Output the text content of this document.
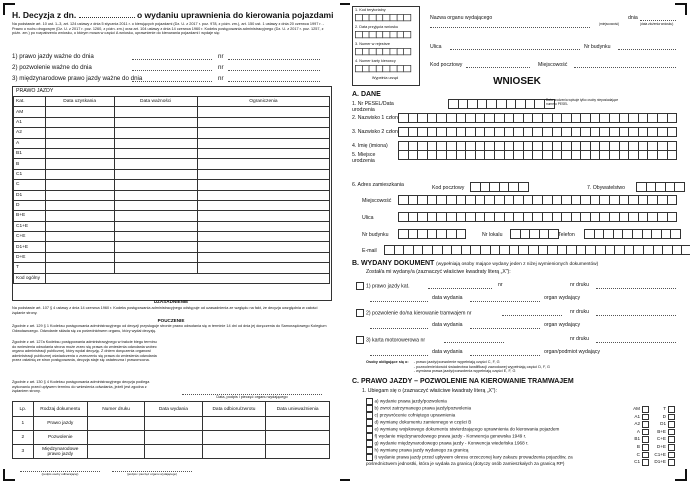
H. Decyzja z dn.	o wydaniu uprawnienia do kierowania pojazdami
Na podstawie art. 10 ust. 1–3, art. 124 ustawy z dnia 5 stycznia 2011 r. o kierujących pojazdami (Dz. U. z 2017 r. poz. 978, z późn. zm.), art. 150 ust. 1 ustawy z dnia 20 czerwca 1997 r. - Prawo o ruchu drogowym (Dz. U. z 2017 r. poz. 1260, z późn. zm.) oraz art. 104 ustawy z dnia 14 czerwca 1960 r. Kodeks postępowania administracyjnego (Dz. U. z 2017 r. poz. 1257, z późn. zm.) po rozpatrzeniu wniosku, o którym mowa w części A wniosku, uprawnienie do kierowania pojazdami i wydaje się:
1) prawo jazdy ważne do dnia	nr
2) pozwolenie ważne do dnia	nr
3) międzynarodowe prawo jazdy ważne do dnia	nr
PRAWO JAZDY
Kat.	Data uzyskania	Data ważności	Ograniczenia
AM			
A1			
A2			
A			
B1			
B			
C1			
C			
D1			
D			
B+E			
C1+E			
C+E			
D1+E			
D+E			
T			
Kod ogólny			
UZASADNIENIE
Na podstawie art. 107 § 4 ustawy z dnia 14 czerwca 1960 r. Kodeks postępowania administracyjnego odstępuje od uzasadnienia ze względu na fakt, że decyzja uwzględnia w całości żądanie strony.
POUCZENIE
Zgodnie z art. 129 § 1 Kodeksu postępowania administracyjnego od decyzji przysługuje stronie prawo odwołania się w terminie 14 dni od dnia jej doręczenia do Samorządowego Kolegium Odwoławczego. Odwołanie składa się za pośrednictwem organu, który wydał decyzję.
Zgodnie z art. 127a Kodeksu postępowania administracyjnego w trakcie biegu terminu do wniesienia odwołania strona może zrzec się prawa do wniesienia odwołania wobec organu administracji publicznej, który wydał decyzję. Z dniem doręczenia organowi administracji publicznej oświadczenia o zrzeczeniu się prawa do wniesienia odwołania przez ostatnią ze stron postępowania, decyzja staje się ostateczna i prawomocna.
Zgodnie z art. 130 § 4 Kodeksu postępowania administracyjnego decyzja podlega wykonaniu przed upływem terminu do wniesienia odwołania, jeżeli jest zgodna z żądaniem strony.
Data, podpis i pieczęć organu wydającego
Lp.	Rodzaj dokumentu	Numer druku	Data wydania	Data odbioru/zwrotu	Data unieważnienia
1	Prawo jazdy				
2	Pozwolenie				
3	Międzynarodowe prawo jazdy				
(podpis osoby odbierającej)	(podpis i pieczęć organu wydającego)
1. Kod terytorialny
2. Data przyjęcia wniosku
3. Numer w rejestrze
4. Numer karty kierowcy
Wypełnia urząd
Nazwa organu wydającego
(miejscowość)
dnia
(data złożenia wniosku)
Ulica	Nr budynku
Kod pocztowy	Miejscowość
WNIOSEK
A. DANE
1. Nr PESEL/Data urodzenia
2. Nazwisko 1 człon
3. Nazwisko 2 człon
4. Imię (imiona)
5. Miejsce urodzenia
Data urodzenia wpisuje tylko osoby nieposiadające numeru PESEL
6. Adres zamieszkania	Kod pocztowy	7. Obywatelstwo
Miejscowość
Ulica
Nr budynku	Nr lokalu	Telefon
E-mail
B. WYDANY DOKUMENT (wypełniają osoby mające wydany jeden z niżej wymienionych dokumentów)
Został/a mi wydany/a (zaznaczyć właściwe kwadraty literą „X”):
1) prawo jazdy kat.	nr	nr druku
data wydania	organ wydający
2) pozwolenie do/na kierowanie tramwajem nr	nr druku
data wydania	organ wydający
3) karta motorowerowa nr	nr druku
data wydania	organ/podmiot wydający
Osoby obligujące się o: - prawo jazdy/pozwolenie wypełniają części C, F, G
- pozwolenie/dowód świadectwa kwalifikacji zawodowej wypełniają części D, F, G
- wymiana prawa jazdy/pozwolenia wypełniają części E, F, G
C. PRAWO JAZDY – POZWOLENIE NA KIEROWANIE TRAMWAJEM
1. Ubiegam się o (zaznaczyć właściwe kwadraty literą „X”):
a) wydanie prawa jazdy/pozwolenia
b) zwrot zatrzymanego prawa jazdy/pozwolenia
c) przywrócenie cofniętego uprawnienia
d) wymianę dokumentu zamiennego w części B
e) wymianę wojskowego dokumentu stwierdzającego uprawnienia do kierowania pojazdem
f) wydanie międzynarodowego prawa jazdy - Konwencja genewska 1949 r.
g) wydanie międzynarodowego prawa jazdy - Konwencja wiedeńska 1968 r.
h) wymianę prawa jazdy wydanego za granicą
i) wydanie prawa jazdy przed upływem okresu orzeczonej kary zakazu prowadzenia pojazdów, za pośrednictwem jednostki, która je wydała za granicą (dotyczy osób zamieszkałych za granicą RP)
AM	T
A1	D
A2	D1
A	B+E
B1	C+E
B	D+E
C	C1+E
C1	D1+E
